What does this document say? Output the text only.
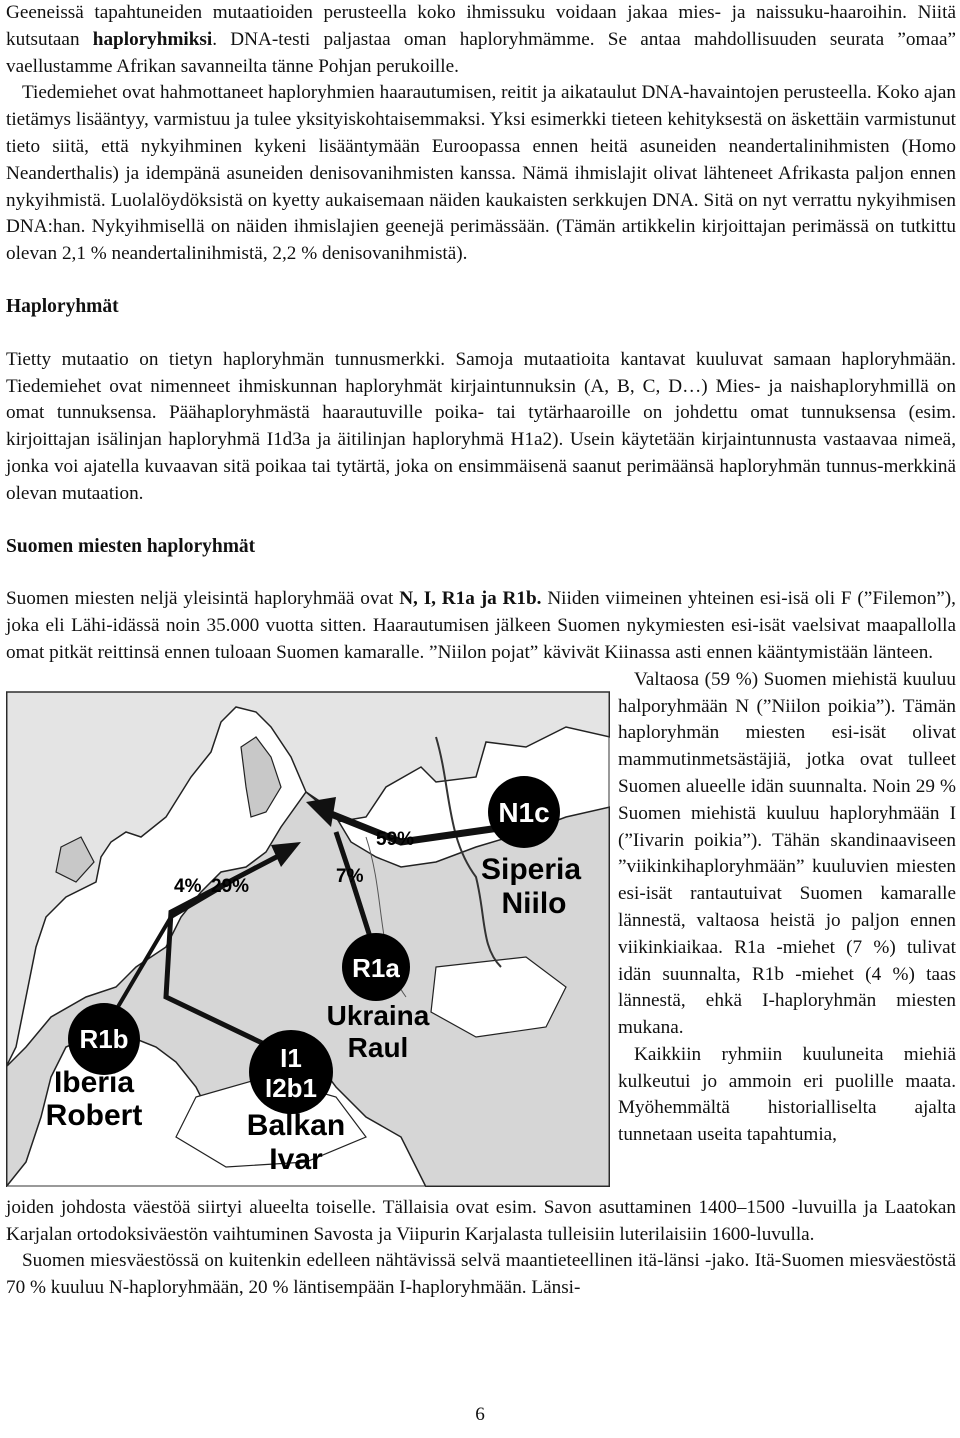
Geeneissä tapahtuneiden mutaatioiden perusteella koko ihmissuku voidaan jakaa mies- ja naissuku-haaroihin. Niitä kutsutaan haploryhmiksi. DNA-testi paljastaa oman haploryhmämme. Se antaa mahdollisuuden seurata ”omaa” vaellustamme Afrikan savanneilta tänne Pohjan perukoille.

Tiedemiehet ovat hahmottaneet haploryhmien haarautumisen, reitit ja aikataulut DNA-havaintojen perusteella. Koko ajan tietämys lisääntyy, varmistuu ja tulee yksityiskohtaisemmaksi. Yksi esimerkki tieteen kehityksestä on äskettäin varmistunut tieto siitä, että nykyihminen kykeni lisääntymään Euroopassa ennen heitä asuneiden neandertalinihmisten (Homo Neanderthalis) ja idempänä asuneiden denisovanihmisten kanssa. Nämä ihmislajit olivat lähteneet Afrikasta paljon ennen nykyihmistä. Luolalöydöksistä on kyetty aukaisemaan näiden kaukaisten serkkujen DNA. Sitä on nyt verrattu nykyihmisen DNA:han. Nykyihmisellä on näiden ihmislajien geenejä perimässään. (Tämän artikkelin kirjoittajan perimässä on tutkittu olevan 2,1 % neandertalinihmistä, 2,2 % denisovanihmistä).

Haploryhmät

Tietty mutaatio on tietyn haploryhmän tunnusmerkki. Samoja mutaatioita kantavat kuuluvat samaan haploryhmään. Tiedemiehet ovat nimenneet ihmiskunnan haploryhmät kirjaintunnuksin (A, B, C, D…) Mies- ja naishaploryhmillä on omat tunnuksensa. Päähaploryhmästä haarautuville poika- tai tytärhaaroille on johdettu omat tunnuksensa (esim. kirjoittajan isälinjan haploryhmä I1d3a ja äitilinjan haploryhmä H1a2). Usein käytetään kirjaintunnusta vastaavaa nimeä, jonka voi ajatella kuvaavan sitä poikaa tai tytärtä, joka on ensimmäisenä saanut perimäänsä haploryhmän tunnus-merkkinä olevan mutaation.

Suomen miesten haploryhmät

Suomen miesten neljä yleisintä haploryhmää ovat N, I, R1a ja R1b. Niiden viimeinen yhteinen esi-isä oli F (”Filemon”), joka eli Lähi-idässä noin 35.000 vuotta sitten. Haarautumisen jälkeen Suomen nykymiesten esi-isät vaelsivat maapallolla omat pitkät reittinsä ennen tuloaan Suomen kamaralle. ”Niilon pojat” kävivät Kiinassa asti ennen kääntymistään länteen.

59%
7%
4% 29%
N1c
Siperia
Niilo
R1a
Ukraina
Raul
R1b
Iberia
Robert
I1
I2b1
Balkan
Ivar

Valtaosa (59 %) Suomen miehistä kuuluu halporyhmään N (”Niilon poikia”). Tämän haploryhmän miesten esi-isät olivat mammutinmetsästäjiä, jotka ovat tulleet Suomen alueelle idän suunnalta. Noin 29 % Suomen miehistä kuuluu haploryhmään I (”Iivarin poikia”). Tähän skandinaaviseen ”viikinkihaploryhmään” kuuluvien miesten esi-isät rantautuivat Suomen kamaralle lännestä, valtaosa heistä jo paljon ennen viikinkiaikaa. R1a -miehet (7 %) tulivat idän suunnalta, R1b -miehet (4 %) taas lännestä, ehkä I-haploryhmän miesten mukana.

Kaikkiin ryhmiin kuuluneita miehiä kulkeutui jo ammoin eri puolille maata. Myöhemmältä historialliselta ajalta tunnetaan useita tapahtumia,

joiden johdosta väestöä siirtyi alueelta toiselle. Tällaisia ovat esim. Savon asuttaminen 1400–1500 -luvuilla ja Laatokan Karjalan ortodoksiväestön vaihtuminen Savosta ja Viipurin Karjalasta tulleisiin luterilaisiin 1600-luvulla.

Suomen miesväestössä on kuitenkin edelleen nähtävissä selvä maantieteellinen itä-länsi -jako. Itä-Suomen miesväestöstä 70 % kuuluu N-haploryhmään, 20 % läntisempään I-haploryhmään. Länsi-

6
